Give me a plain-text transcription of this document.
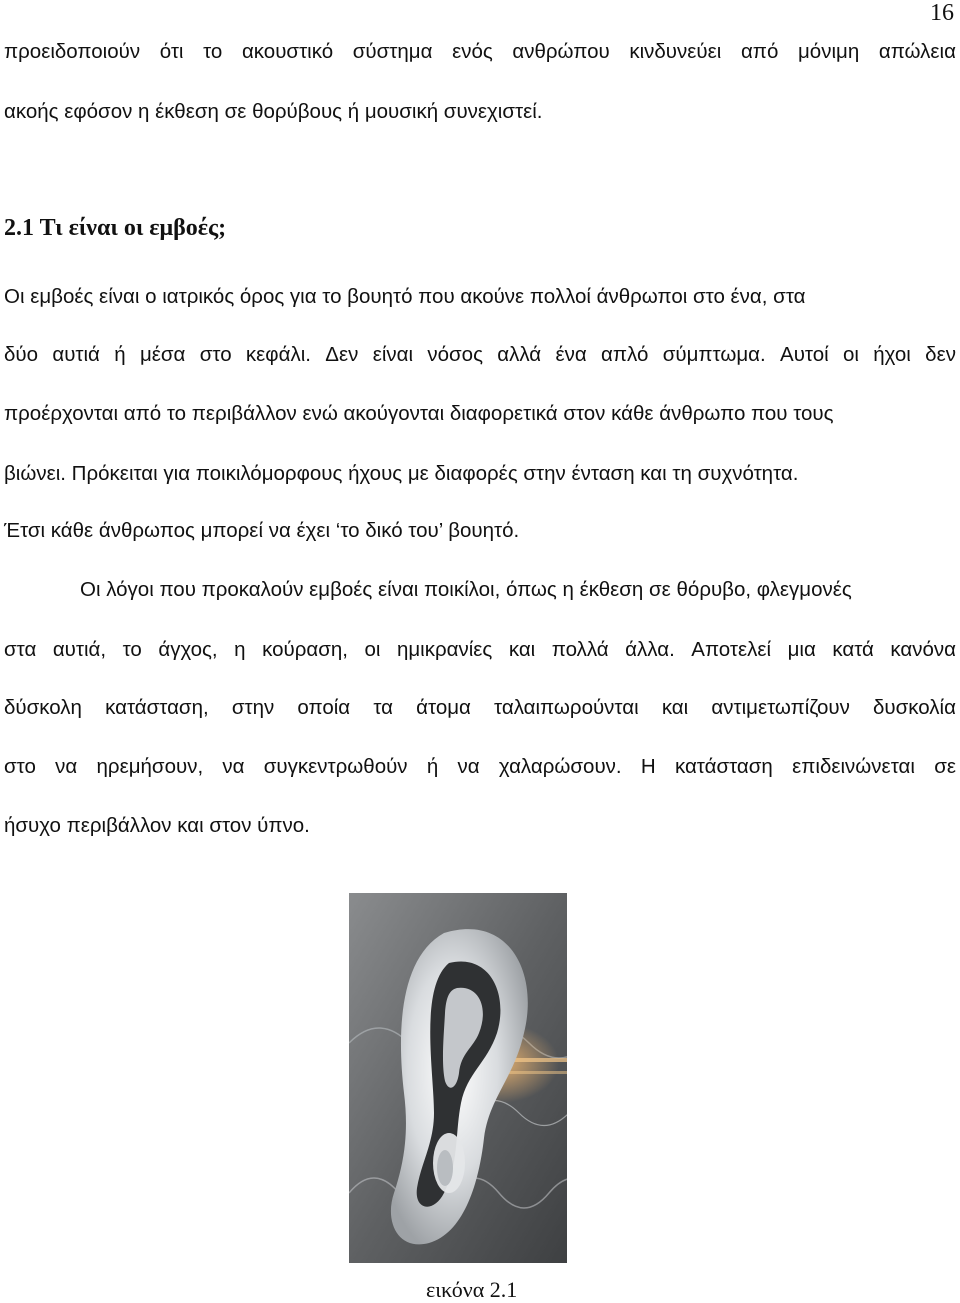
16
προειδοποιούν ότι το ακουστικό σύστημα ενός ανθρώπου κινδυνεύει από μόνιμη απώλεια
ακοής εφόσον η έκθεση σε θορύβους ή μουσική συνεχιστεί.
2.1 Τι είναι οι εμβοές;
Οι εμβοές είναι ο ιατρικός όρος για το βουητό που ακούνε πολλοί άνθρωποι στο ένα, στα
δύο αυτιά ή μέσα στο κεφάλι. Δεν είναι νόσος αλλά ένα απλό σύμπτωμα. Αυτοί οι ήχοι δεν
προέρχονται από το περιβάλλον ενώ ακούγονται διαφορετικά στον κάθε άνθρωπο που τους
βιώνει. Πρόκειται για ποικιλόμορφους ήχους με διαφορές στην ένταση και τη συχνότητα.
Έτσι κάθε άνθρωπος μπορεί να έχει ‘το δικό του’ βουητό.
Οι λόγοι που προκαλούν εμβοές είναι ποικίλοι, όπως η έκθεση σε θόρυβο, φλεγμονές
στα αυτιά, το άγχος, η κούραση, οι ημικρανίες και πολλά άλλα. Αποτελεί μια κατά κανόνα
δύσκολη κατάσταση, στην οποία τα άτομα ταλαιπωρούνται και αντιμετωπίζουν δυσκολία
στο να ηρεμήσουν, να συγκεντρωθούν ή να χαλαρώσουν. Η κατάσταση επιδεινώνεται σε
ήσυχο περιβάλλον και στον ύπνο.
εικόνα 2.1
